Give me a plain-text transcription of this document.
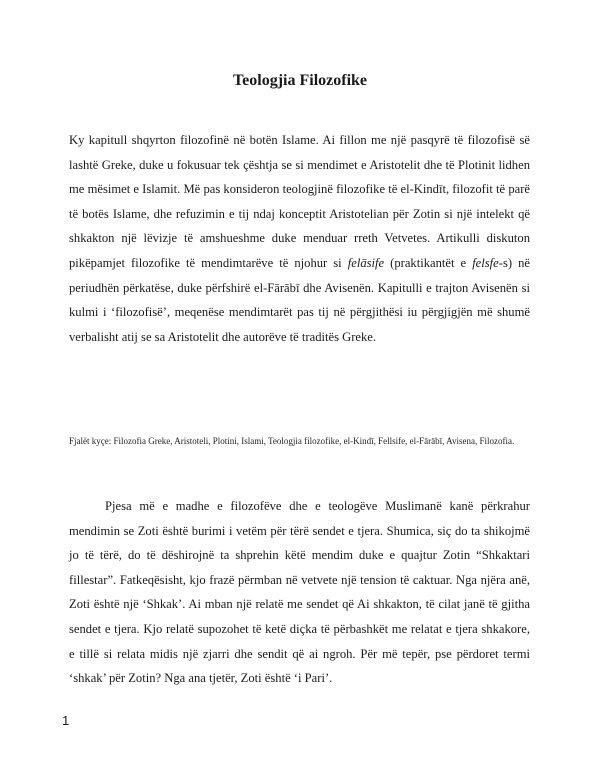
Teologjia Filozofike

Ky kapitull shqyrton filozofinë në botën Islame. Ai fillon me një pasqyrë të filozofisë së lashtë Greke, duke u fokusuar tek çështja se si mendimet e Aristotelit dhe të Plotinit lidhen me mësimet e Islamit. Më pas konsideron teologjinë filozofike të el-Kindīt, filozofit të parë të botës Islame, dhe refuzimin e tij ndaj konceptit Aristotelian për Zotin si një intelekt që shkakton një lëvizje të amshueshme duke menduar rreth Vetvetes. Artikulli diskuton pikëpamjet filozofike të mendimtarëve të njohur si felāsife (praktikantët e felsfe-s) në periudhën përkatëse, duke përfshirë el-Fārābī dhe Avisenën. Kapitulli e trajton Avisenën si kulmi i ‘filozofisë’, meqenëse mendimtarët pas tij në përgjithësi iu përgjigjën më shumë verbalisht atij se sa Aristotelit dhe autorëve të traditës Greke.

Fjalët kyçe: Filozofia Greke, Aristoteli, Plotini, Islami, Teologjia filozofike, el-Kindī, Fellsife, el-Fārābī, Avisena, Filozofia.

Pjesa më e madhe e filozofëve dhe e teologëve Muslimanë kanë përkrahur mendimin se Zoti është burimi i vetëm për tërë sendet e tjera. Shumica, siç do ta shikojmë jo të tërë, do të dëshirojnë ta shprehin këtë mendim duke e quajtur Zotin “Shkaktari fillestar”. Fatkeqësisht, kjo frazë përmban në vetvete një tension të caktuar. Nga njëra anë, Zoti është një ‘Shkak’. Ai mban një relatë me sendet që Ai shkakton, të cilat janë të gjitha sendet e tjera. Kjo relatë supozohet të ketë diçka të përbashkët me relatat e tjera shkakore, e tillë si relata midis një zjarri dhe sendit që ai ngroh. Për më tepër, pse përdoret termi ‘shkak’ për Zotin? Nga ana tjetër, Zoti është ‘i Pari’.

1
